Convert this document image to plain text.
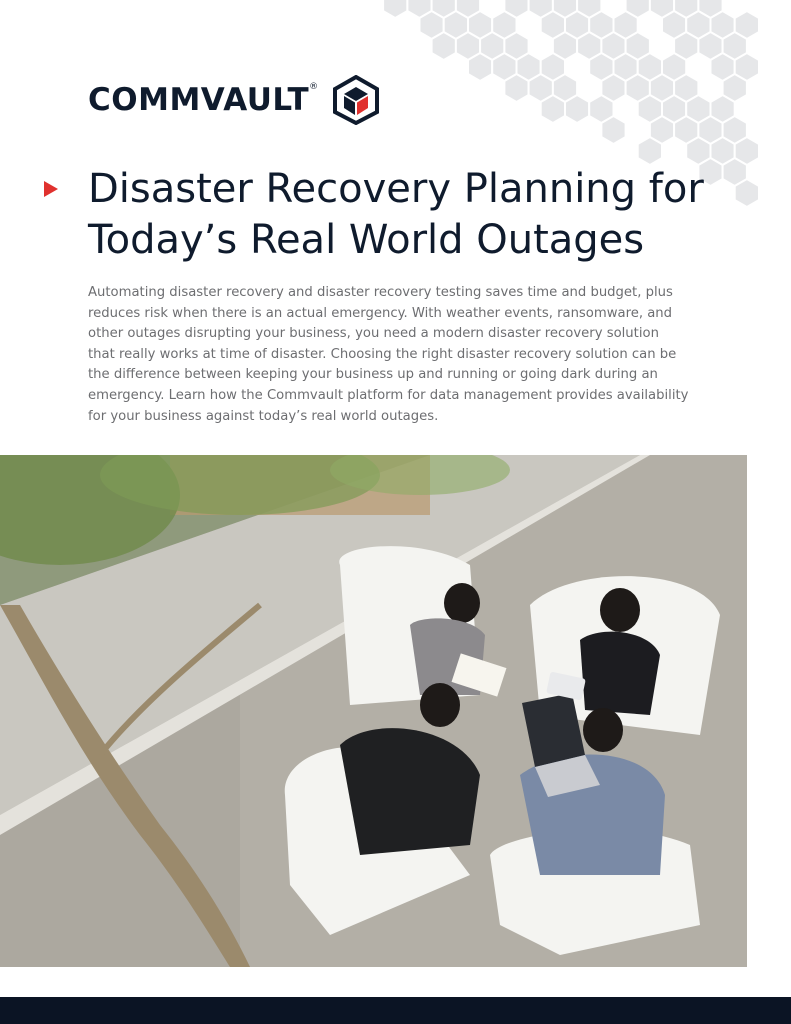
COMMVAULT®
Disaster Recovery Planning for
Today’s Real World Outages

Automating disaster recovery and disaster recovery testing saves time and budget, plus
reduces risk when there is an actual emergency. With weather events, ransomware, and
other outages disrupting your business, you need a modern disaster recovery solution
that really works at time of disaster. Choosing the right disaster recovery solution can be
the difference between keeping your business up and running or going dark during an
emergency. Learn how the Commvault platform for data management provides availability
for your business against today’s real world outages.
